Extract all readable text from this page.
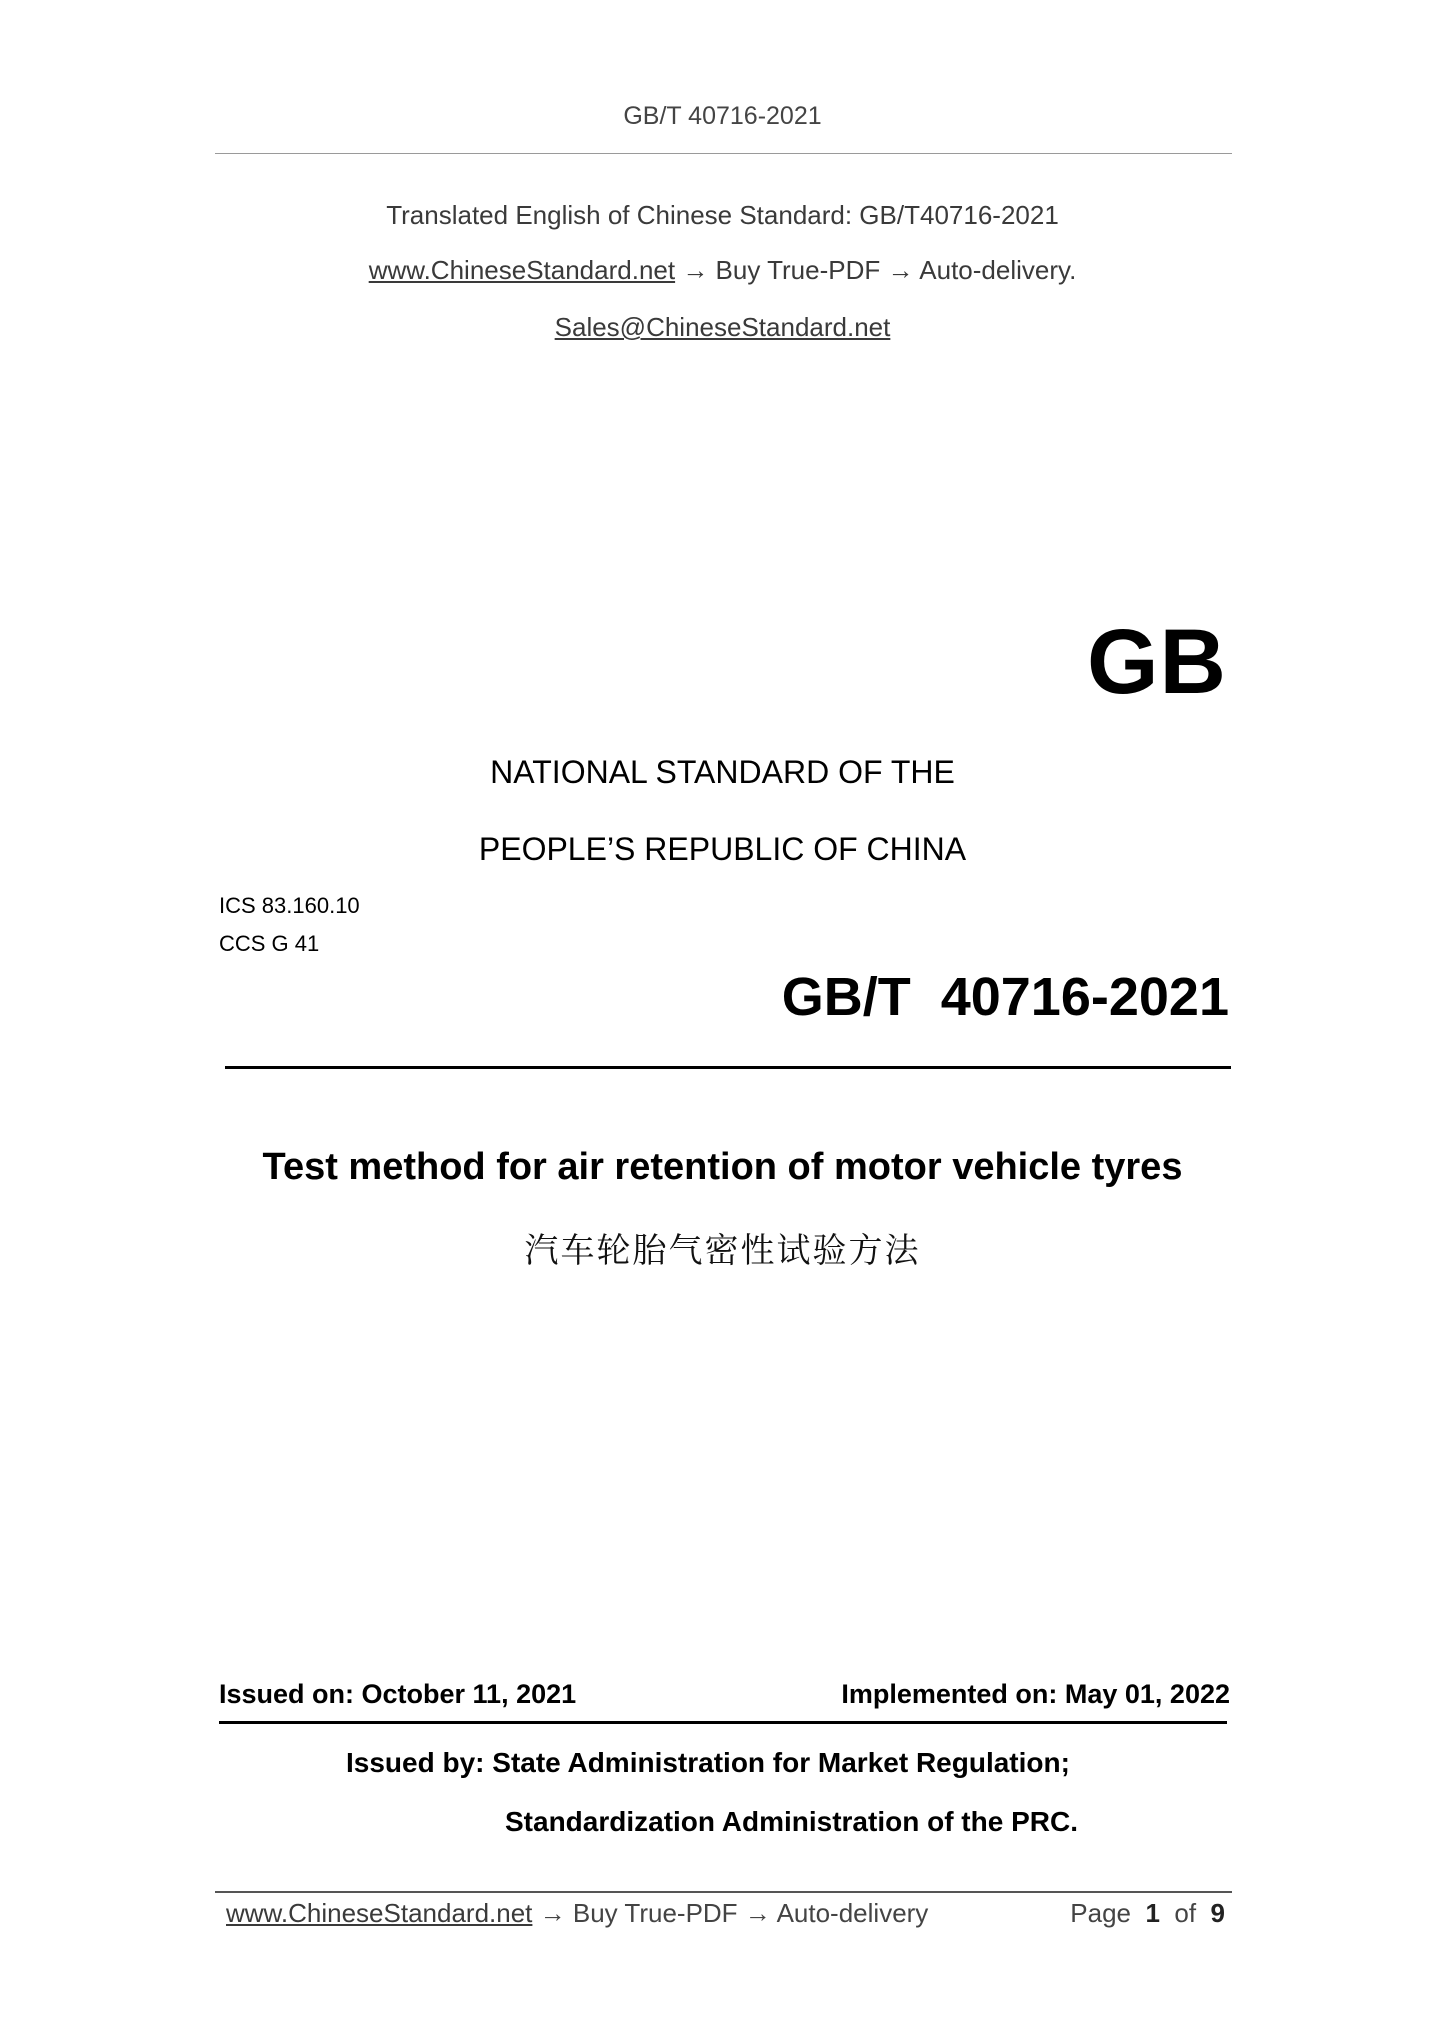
GB/T 40716-2021
Translated English of Chinese Standard: GB/T40716-2021
www.ChineseStandard.net → Buy True-PDF → Auto-delivery.
Sales@ChineseStandard.net
GB
NATIONAL STANDARD OF THE
PEOPLE’S REPUBLIC OF CHINA
ICS 83.160.10
CCS G 41
GB/T  40716-2021
Test method for air retention of motor vehicle tyres
汽车轮胎气密性试验方法
Issued on: October 11, 2021	Implemented on: May 01, 2022
Issued by: State Administration for Market Regulation;
Standardization Administration of the PRC.
www.ChineseStandard.net → Buy True-PDF → Auto-delivery	Page 1 of 9
